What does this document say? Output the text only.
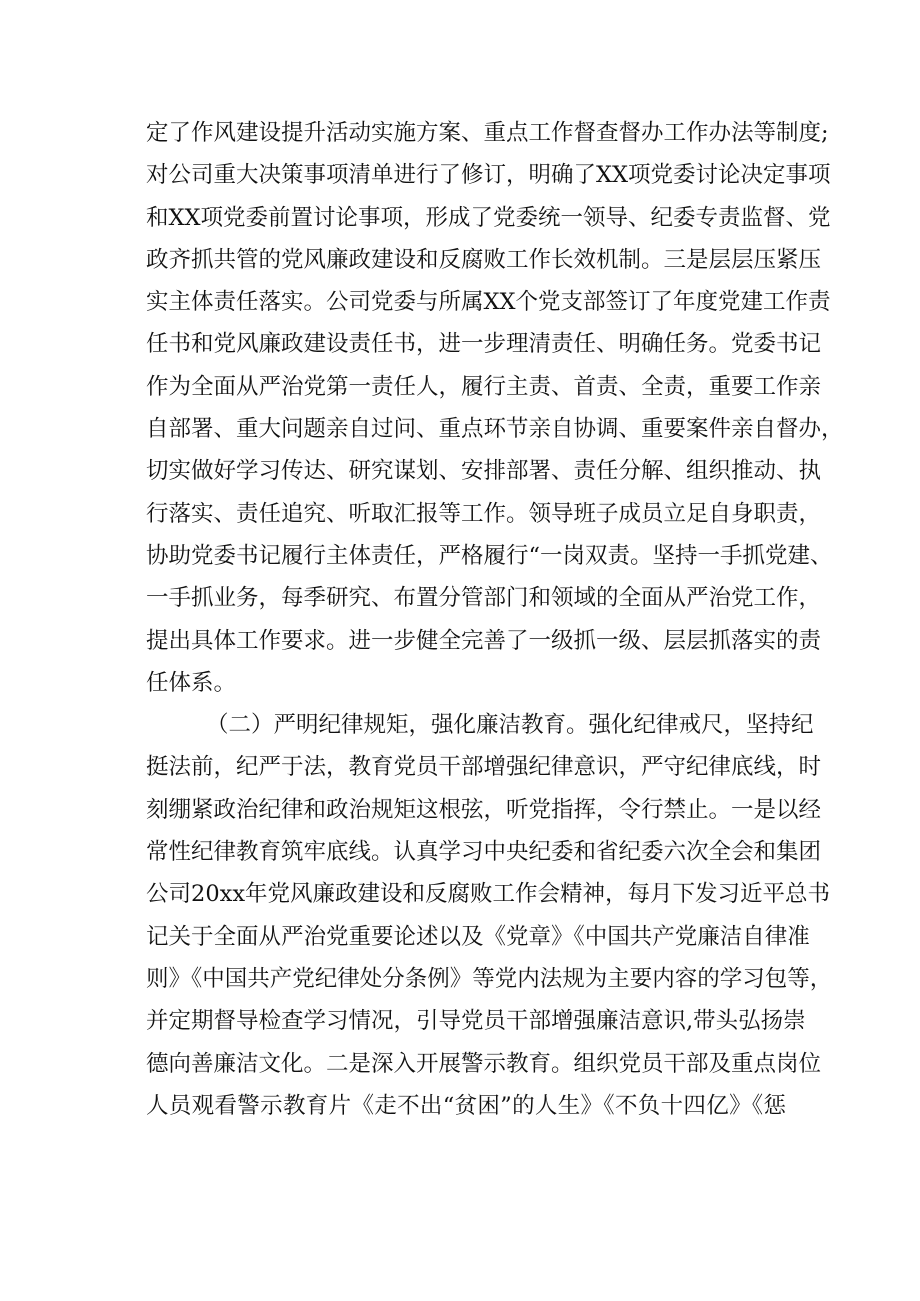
定了作风建设提升活动实施方案、重点工作督查督办工作办法等制度;
对公司重大决策事项清单进行了修订，明确了XX项党委讨论决定事项
和XX项党委前置讨论事项，形成了党委统一领导、纪委专责监督、党
政齐抓共管的党风廉政建设和反腐败工作长效机制。三是层层压紧压
实主体责任落实。公司党委与所属XX个党支部签订了年度党建工作责
任书和党风廉政建设责任书，进一步理清责任、明确任务。党委书记
作为全面从严治党第一责任人，履行主责、首责、全责，重要工作亲
自部署、重大问题亲自过问、重点环节亲自协调、重要案件亲自督办，
切实做好学习传达、研究谋划、安排部署、责任分解、组织推动、执
行落实、责任追究、听取汇报等工作。领导班子成员立足自身职责，
协助党委书记履行主体责任，严格履行“一岗双责。坚持一手抓党建、
一手抓业务，每季研究、布置分管部门和领域的全面从严治党工作，
提出具体工作要求。进一步健全完善了一级抓一级、层层抓落实的责
任体系。
（二）严明纪律规矩，强化廉洁教育。强化纪律戒尺，坚持纪
挺法前，纪严于法，教育党员干部增强纪律意识，严守纪律底线，时
刻绷紧政治纪律和政治规矩这根弦，听党指挥，令行禁止。一是以经
常性纪律教育筑牢底线。认真学习中央纪委和省纪委六次全会和集团
公司20xx年党风廉政建设和反腐败工作会精神，每月下发习近平总书
记关于全面从严治党重要论述以及《党章》《中国共产党廉洁自律准
则》《中国共产党纪律处分条例》等党内法规为主要内容的学习包等，
并定期督导检查学习情况，引导党员干部增强廉洁意识,带头弘扬崇
德向善廉洁文化。二是深入开展警示教育。组织党员干部及重点岗位
人员观看警示教育片《走不出“贫困”的人生》《不负十四亿》《惩
